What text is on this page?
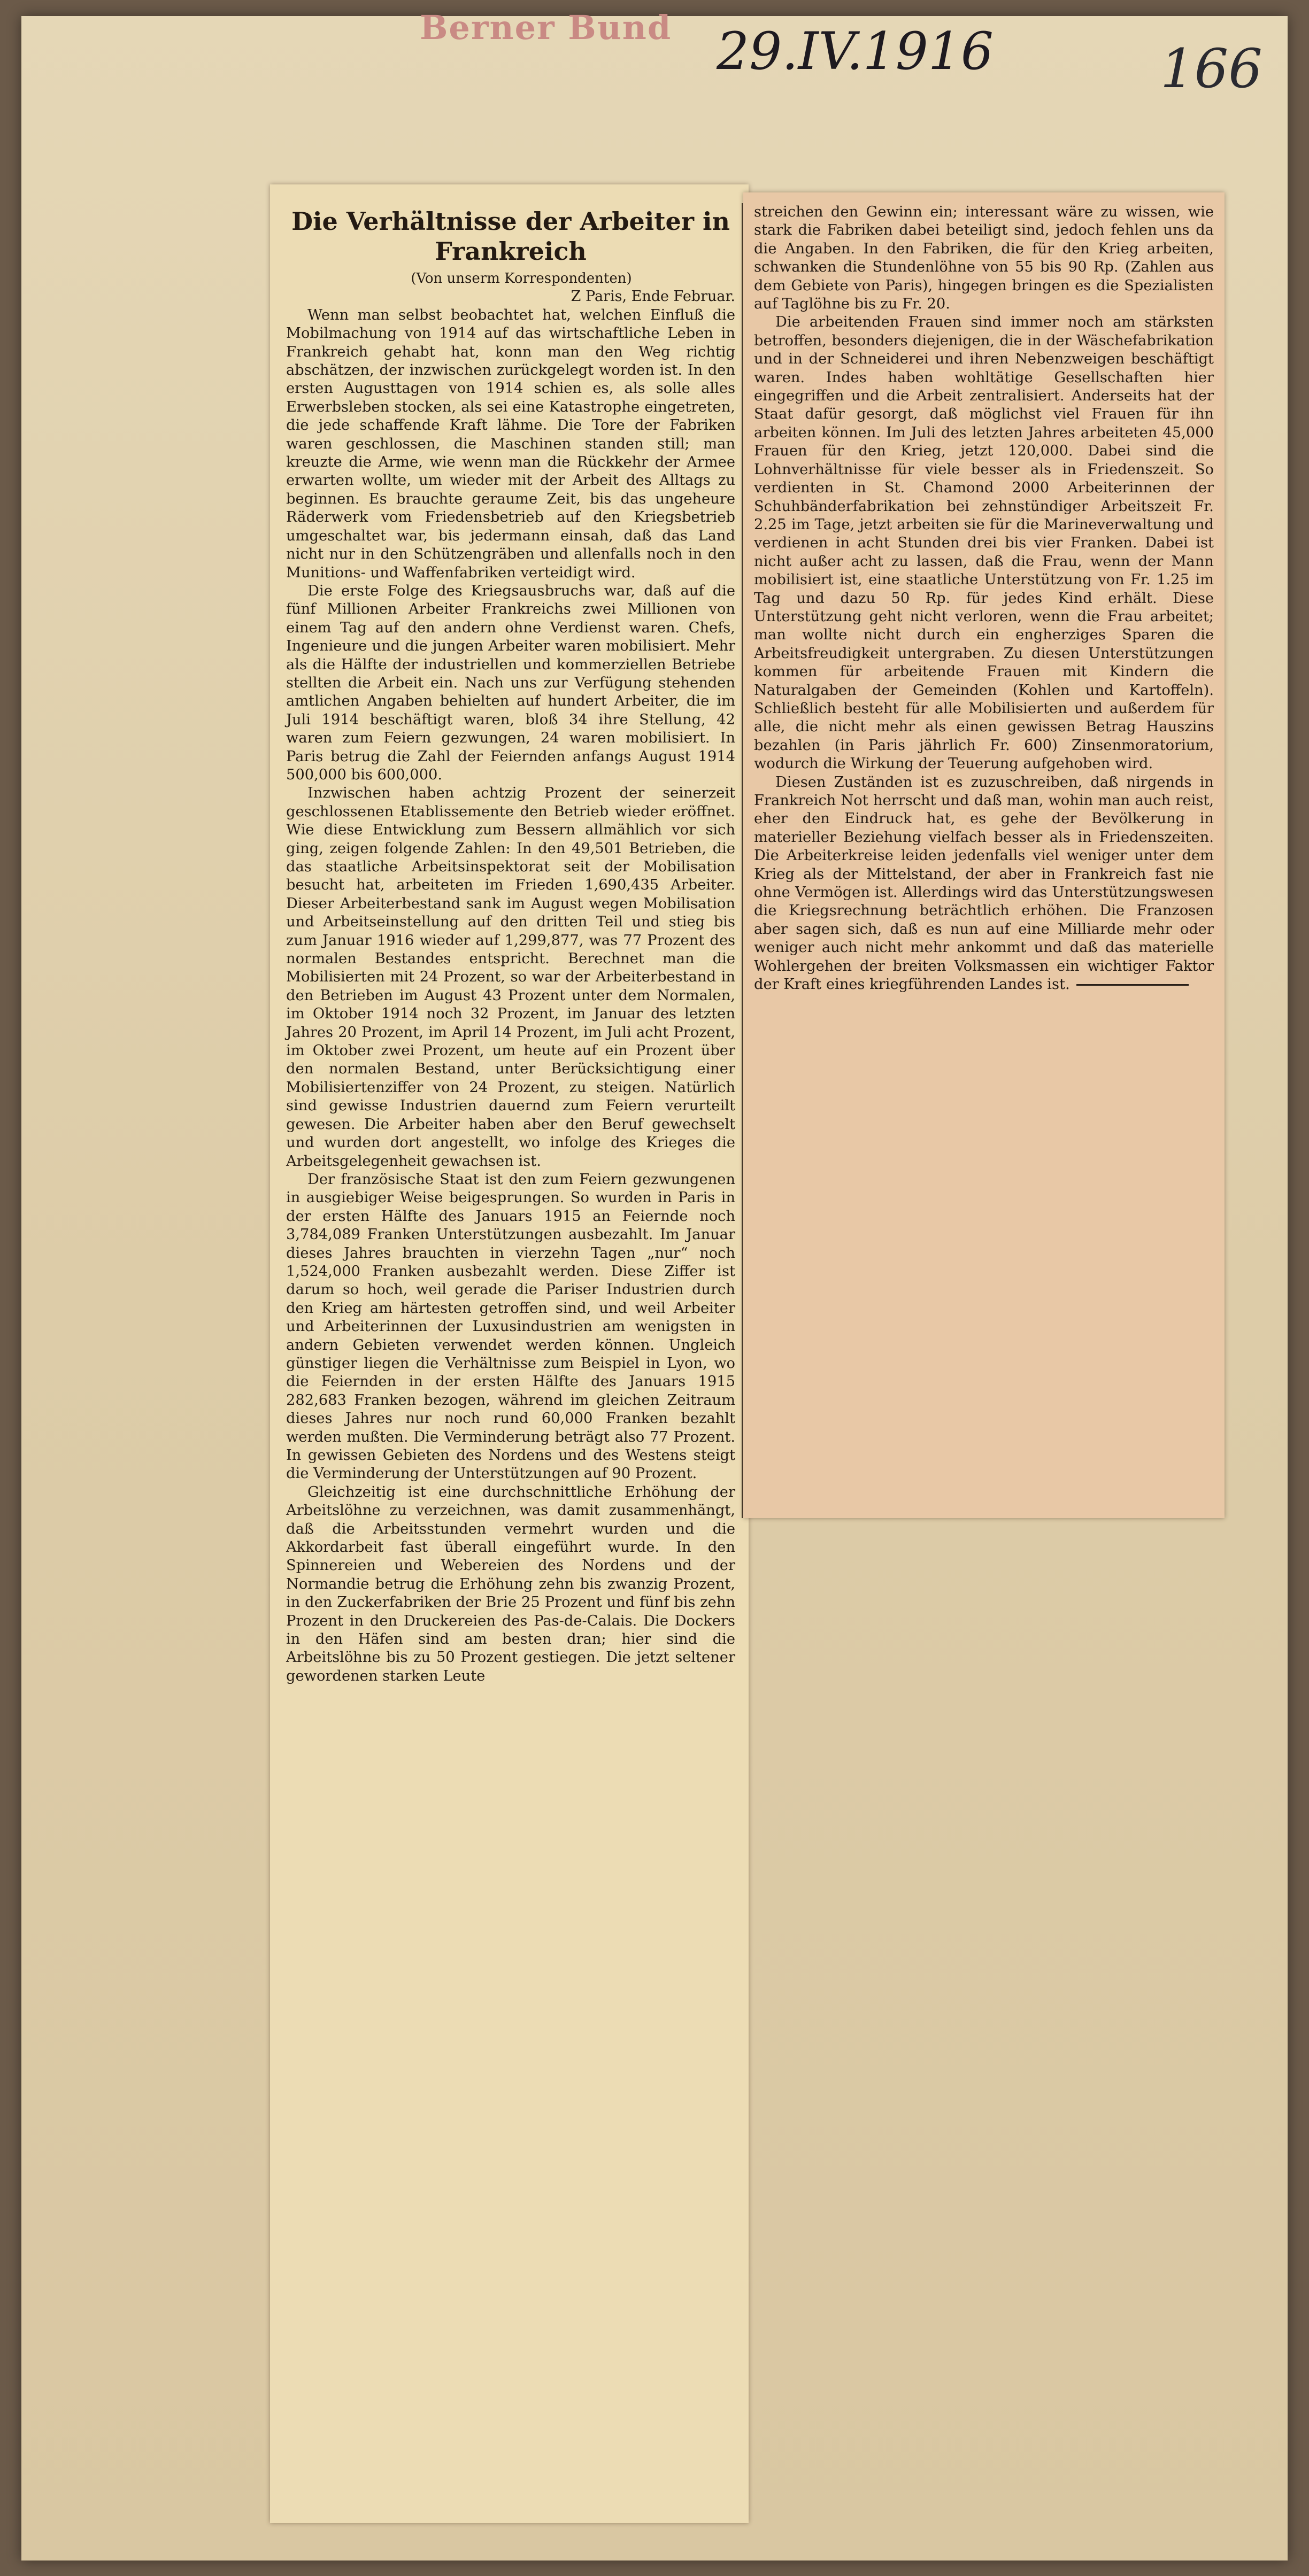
Berner Bund 29.IV.1916	166
Die Verhältnisse der Arbeiter in Frankreich

(Von unserm Korrespondenten)

Z Paris, Ende Februar.

Wenn man selbst beobachtet hat, welchen Einfluß die Mobilmachung von 1914 auf das wirtschaftliche Leben in Frankreich gehabt hat, konn man den Weg richtig abschätzen, der inzwischen zurückgelegt worden ist. In den ersten Augusttagen von 1914 schien es, als solle alles Erwerbsleben stocken, als sei eine Katastrophe eingetreten, die jede schaffende Kraft lähme. Die Tore der Fabriken waren geschlossen, die Maschinen standen still; man kreuzte die Arme, wie wenn man die Rückkehr der Armee erwarten wollte, um wieder mit der Arbeit des Alltags zu beginnen. Es brauchte geraume Zeit, bis das ungeheure Räderwerk vom Friedensbetrieb auf den Kriegsbetrieb umgeschaltet war, bis jedermann einsah, daß das Land nicht nur in den Schützengräben und allenfalls noch in den Munitions- und Waffenfabriken verteidigt wird.

Die erste Folge des Kriegsausbruchs war, daß auf die fünf Millionen Arbeiter Frankreichs zwei Millionen von einem Tag auf den andern ohne Verdienst waren. Chefs, Ingenieure und die jungen Arbeiter waren mobilisiert. Mehr als die Hälfte der industriellen und kommerziellen Betriebe stellten die Arbeit ein. Nach uns zur Verfügung stehenden amtlichen Angaben behielten auf hundert Arbeiter, die im Juli 1914 beschäftigt waren, bloß 34 ihre Stellung, 42 waren zum Feiern gezwungen, 24 waren mobilisiert. In Paris betrug die Zahl der Feiernden anfangs August 1914 500,000 bis 600,000.

Inzwischen haben achtzig Prozent der seinerzeit geschlossenen Etablissemente den Betrieb wieder eröffnet. Wie diese Entwicklung zum Bessern allmählich vor sich ging, zeigen folgende Zahlen: In den 49,501 Betrieben, die das staatliche Arbeitsinspektorat seit der Mobilisation besucht hat, arbeiteten im Frieden 1,690,435 Arbeiter. Dieser Arbeiterbestand sank im August wegen Mobilisation und Arbeitseinstellung auf den dritten Teil und stieg bis zum Januar 1916 wieder auf 1,299,877, was 77 Prozent des normalen Bestandes entspricht. Berechnet man die Mobilisierten mit 24 Prozent, so war der Arbeiterbestand in den Betrieben im August 43 Prozent unter dem Normalen, im Oktober 1914 noch 32 Prozent, im Januar des letzten Jahres 20 Prozent, im April 14 Prozent, im Juli acht Prozent, im Oktober zwei Prozent, um heute auf ein Prozent über den normalen Bestand, unter Berücksichtigung einer Mobilisiertenziffer von 24 Prozent, zu steigen. Natürlich sind gewisse Industrien dauernd zum Feiern verurteilt gewesen. Die Arbeiter haben aber den Beruf gewechselt und wurden dort angestellt, wo infolge des Krieges die Arbeitsgelegenheit gewachsen ist.

Der französische Staat ist den zum Feiern gezwungenen in ausgiebiger Weise beigesprungen. So wurden in Paris in der ersten Hälfte des Januars 1915 an Feiernde noch 3,784,089 Franken Unterstützungen ausbezahlt. Im Januar dieses Jahres brauchten in vierzehn Tagen „nur“ noch 1,524,000 Franken ausbezahlt werden. Diese Ziffer ist darum so hoch, weil gerade die Pariser Industrien durch den Krieg am härtesten getroffen sind, und weil Arbeiter und Arbeiterinnen der Luxusindustrien am wenigsten in andern Gebieten verwendet werden können. Ungleich günstiger liegen die Verhältnisse zum Beispiel in Lyon, wo die Feiernden in der ersten Hälfte des Januars 1915 282,683 Franken bezogen, während im gleichen Zeitraum dieses Jahres nur noch rund 60,000 Franken bezahlt werden mußten. Die Verminderung beträgt also 77 Prozent. In gewissen Gebieten des Nordens und des Westens steigt die Verminderung der Unterstützungen auf 90 Prozent.

Gleichzeitig ist eine durchschnittliche Erhöhung der Arbeitslöhne zu verzeichnen, was damit zusammenhängt, daß die Arbeitsstunden vermehrt wurden und die Akkordarbeit fast überall eingeführt wurde. In den Spinnereien und Webereien des Nordens und der Normandie betrug die Erhöhung zehn bis zwanzig Prozent, in den Zuckerfabriken der Brie 25 Prozent und fünf bis zehn Prozent in den Druckereien des Pas-de-Calais. Die Dockers in den Häfen sind am besten dran; hier sind die Arbeitslöhne bis zu 50 Prozent gestiegen. Die jetzt seltener gewordenen starken Leute

streichen den Gewinn ein; interessant wäre zu wissen, wie stark die Fabriken dabei beteiligt sind, jedoch fehlen uns da die Angaben. In den Fabriken, die für den Krieg arbeiten, schwanken die Stundenlöhne von 55 bis 90 Rp. (Zahlen aus dem Gebiete von Paris), hingegen bringen es die Spezialisten auf Taglöhne bis zu Fr. 20.

Die arbeitenden Frauen sind immer noch am stärksten betroffen, besonders diejenigen, die in der Wäschefabrikation und in der Schneiderei und ihren Nebenzweigen beschäftigt waren. Indes haben wohltätige Gesellschaften hier eingegriffen und die Arbeit zentralisiert. Anderseits hat der Staat dafür gesorgt, daß möglichst viel Frauen für ihn arbeiten können. Im Juli des letzten Jahres arbeiteten 45,000 Frauen für den Krieg, jetzt 120,000. Dabei sind die Lohnverhältnisse für viele besser als in Friedenszeit. So verdienten in St. Chamond 2000 Arbeiterinnen der Schuhbänderfabrikation bei zehnstündiger Arbeitszeit Fr. 2.25 im Tage, jetzt arbeiten sie für die Marineverwaltung und verdienen in acht Stunden drei bis vier Franken. Dabei ist nicht außer acht zu lassen, daß die Frau, wenn der Mann mobilisiert ist, eine staatliche Unterstützung von Fr. 1.25 im Tag und dazu 50 Rp. für jedes Kind erhält. Diese Unterstützung geht nicht verloren, wenn die Frau arbeitet; man wollte nicht durch ein engherziges Sparen die Arbeitsfreudigkeit untergraben. Zu diesen Unterstützungen kommen für arbeitende Frauen mit Kindern die Naturalgaben der Gemeinden (Kohlen und Kartoffeln). Schließlich besteht für alle Mobilisierten und außerdem für alle, die nicht mehr als einen gewissen Betrag Hauszins bezahlen (in Paris jährlich Fr. 600) Zinsenmoratorium, wodurch die Wirkung der Teuerung aufgehoben wird.

Diesen Zuständen ist es zuzuschreiben, daß nirgends in Frankreich Not herrscht und daß man, wohin man auch reist, eher den Eindruck hat, es gehe der Bevölkerung in materieller Beziehung vielfach besser als in Friedenszeiten. Die Arbeiterkreise leiden jedenfalls viel weniger unter dem Krieg als der Mittelstand, der aber in Frankreich fast nie ohne Vermögen ist. Allerdings wird das Unterstützungswesen die Kriegsrechnung beträchtlich erhöhen. Die Franzosen aber sagen sich, daß es nun auf eine Milliarde mehr oder weniger auch nicht mehr ankommt und daß das materielle Wohlergehen der breiten Volksmassen ein wichtiger Faktor der Kraft eines kriegführenden Landes ist.
